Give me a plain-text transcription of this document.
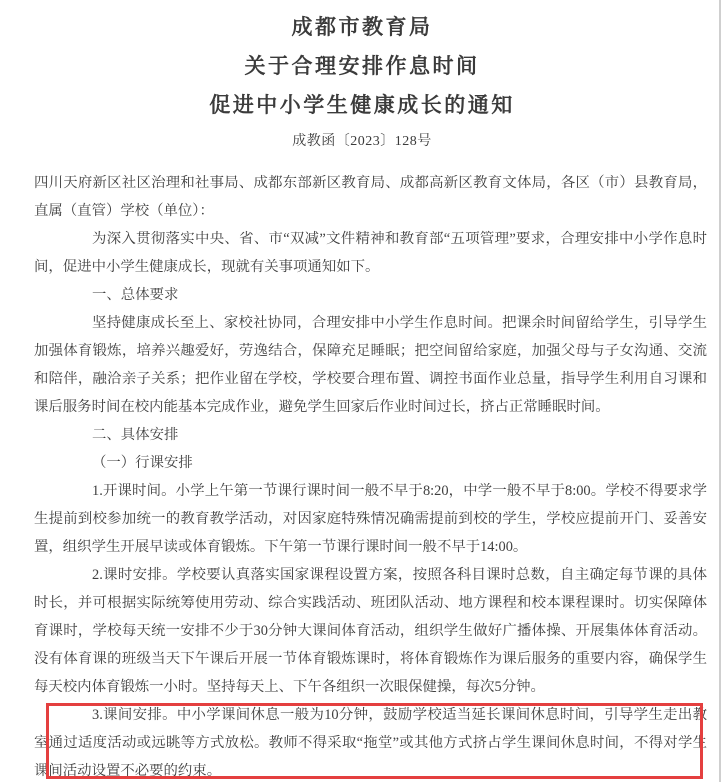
成都市教育局
关于合理安排作息时间
促进中小学生健康成长的通知
成教函〔2023〕128号

四川天府新区社区治理和社事局、成都东部新区教育局、成都高新区教育文体局，各区（市）县教育局，直属（直管）学校（单位）：

为深入贯彻落实中央、省、市“双减”文件精神和教育部“五项管理”要求，合理安排中小学作息时间，促进中小学生健康成长，现就有关事项通知如下。

一、总体要求

坚持健康成长至上、家校社协同，合理安排中小学生作息时间。把课余时间留给学生，引导学生加强体育锻炼，培养兴趣爱好，劳逸结合，保障充足睡眠；把空间留给家庭，加强父母与子女沟通、交流和陪伴，融洽亲子关系；把作业留在学校，学校要合理布置、调控书面作业总量，指导学生利用自习课和课后服务时间在校内能基本完成作业，避免学生回家后作业时间过长，挤占正常睡眠时间。

二、具体安排

（一）行课安排

1.开课时间。小学上午第一节课行课时间一般不早于8:20，中学一般不早于8:00。学校不得要求学生提前到校参加统一的教育教学活动，对因家庭特殊情况确需提前到校的学生，学校应提前开门、妥善安置，组织学生开展早读或体育锻炼。下午第一节课行课时间一般不早于14:00。

2.课时安排。学校要认真落实国家课程设置方案，按照各科目课时总数，自主确定每节课的具体时长，并可根据实际统筹使用劳动、综合实践活动、班团队活动、地方课程和校本课程课时。切实保障体育课时，学校每天统一安排不少于30分钟大课间体育活动，组织学生做好广播体操、开展集体体育活动。没有体育课的班级当天下午课后开展一节体育锻炼课时，将体育锻炼作为课后服务的重要内容，确保学生每天校内体育锻炼一小时。坚持每天上、下午各组织一次眼保健操，每次5分钟。

3.课间安排。中小学课间休息一般为10分钟，鼓励学校适当延长课间休息时间，引导学生走出教室通过适度活动或远眺等方式放松。教师不得采取“拖堂”或其他方式挤占学生课间休息时间，不得对学生课间活动设置不必要的约束。
